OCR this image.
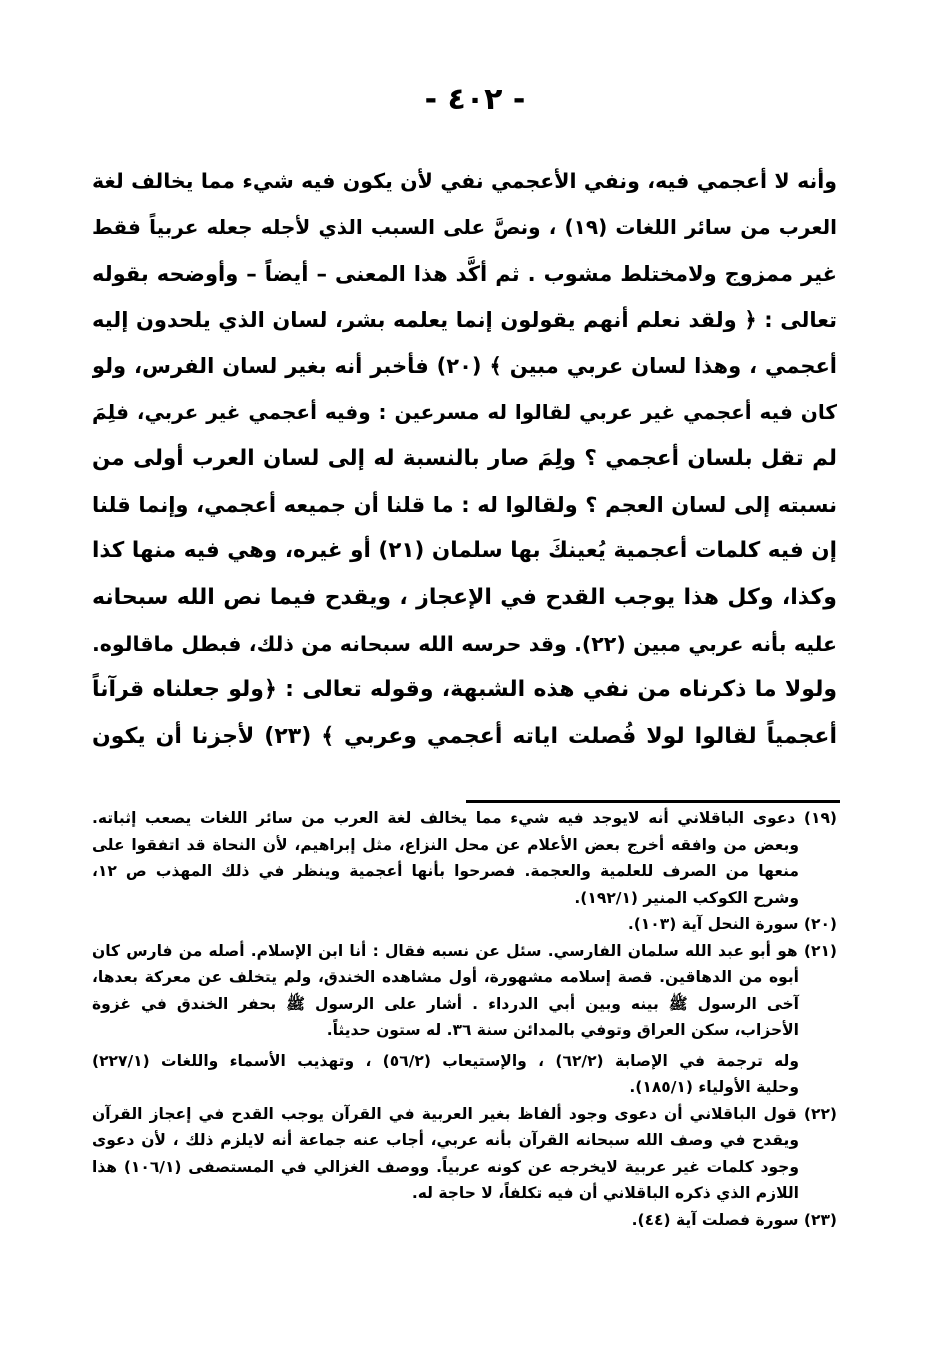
- ٤٠٢ -
وأنه لا أعجمي فيه، ونفي الأعجمي نفي لأن يكون فيه شيء مما يخالف لغة
العرب من سائر اللغات (١٩) ، ونصَّ على السبب الذي لأجله جعله عربياً فقط
غير ممزوج ولامختلط مشوب . ثم أكَّد هذا المعنى – أيضاً – وأوضحه بقوله
تعالى : ﴿ ولقد نعلم أنهم يقولون إنما يعلمه بشر، لسان الذي يلحدون إليه
أعجمي ، وهذا لسان عربي مبين ﴾ (٢٠) فأخبر أنه بغير لسان الفرس، ولو
كان فيه أعجمي غير عربي لقالوا له مسرعين : وفيه أعجمي غير عربي، فلِمَ
لم تقل بلسان أعجمي ؟ ولِمَ صار بالنسبة له إلى لسان العرب أولى من
نسبته إلى لسان العجم ؟ ولقالوا له : ما قلنا أن جميعه أعجمي، وإنما قلنا
إن فيه كلمات أعجمية يُعينكَ بها سلمان (٢١) أو غيره، وهي فيه منها كذا
وكذا، وكل هذا يوجب القدح في الإعجاز ، ويقدح فيما نص الله سبحانه
عليه بأنه عربي مبين (٢٢). وقد حرسه الله سبحانه من ذلك، فبطل ماقالوه.
ولولا ما ذكرناه من نفي هذه الشبهة، وقوله تعالى : ﴿ولو جعلناه قرآناً
أعجمياً لقالوا لولا فُصلت اياته أعجمي وعربي ﴾ (٢٣) لأجزنا أن يكون
(١٩) دعوى الباقلاني أنه لايوجد فيه شيء مما يخالف لغة العرب من سائر اللغات يصعب إثباته.
وبعض من وافقه أخرج بعض الأعلام عن محل النزاع، مثل إبراهيم، لأن النحاة قد اتفقوا على
منعها من الصرف للعلمية والعجمة. فصرحوا بأنها أعجمية وينظر في ذلك المهذب ص ١٢،
وشرح الكوكب المنير (١٩٢/١).
(٢٠) سورة النحل آية (١٠٣).
(٢١) هو أبو عبد الله سلمان الفارسي. سئل عن نسبه فقال : أنا ابن الإسلام. أصله من فارس كان
أبوه من الدهاقين. قصة إسلامه مشهورة، أول مشاهده الخندق، ولم يتخلف عن معركة بعدها،
آخى الرسول ﷺ بينه وبين أبي الدرداء . أشار على الرسول ﷺ بحفر الخندق في غزوة
الأحزاب، سكن العراق وتوفي بالمدائن سنة ٣٦. له ستون حديثاً.
وله ترجمة في الإصابة (٦٢/٢) ، والإستيعاب (٥٦/٢) ، وتهذيب الأسماء واللغات (٢٢٧/١)
وحلية الأولياء (١٨٥/١).
(٢٢) قول الباقلاني أن دعوى وجود ألفاظ بغير العربية في القرآن يوجب القدح في إعجاز القرآن
ويقدح في وصف الله سبحانه القرآن بأنه عربي، أجاب عنه جماعة أنه لايلزم ذلك ، لأن دعوى
وجود كلمات غير عربية لايخرجه عن كونه عربياً. ووصف الغزالي في المستصفى (١٠٦/١) هذا
اللازم الذي ذكره الباقلاني أن فيه تكلفاً، لا حاجة له.
(٢٣) سورة فصلت آية (٤٤).
